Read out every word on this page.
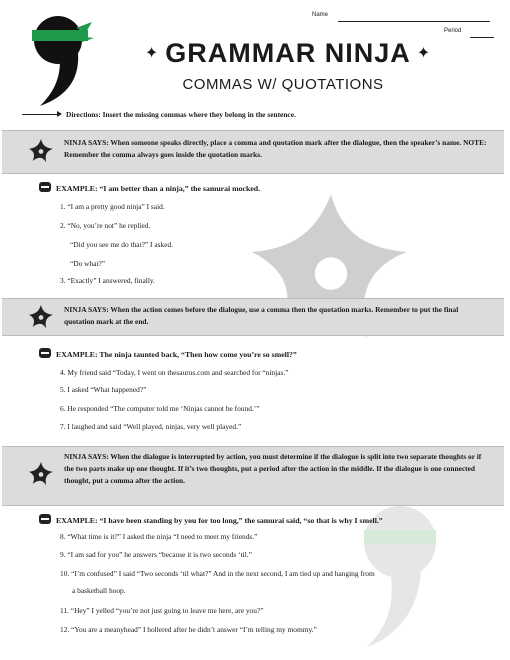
Name
Period
✦ GRAMMAR NINJA ✦
COMMAS W/ QUOTATIONS
Directions: Insert the missing commas where they belong in the sentence.
NINJA SAYS: When someone speaks directly, place a comma and quotation mark after the dialogue, then the speaker’s name. NOTE: Remember the comma always goes inside the quotation marks.
EXAMPLE: “I am better than a ninja,” the samurai mocked.
1. “I am a pretty good ninja” I said.
2. “No, you’re not” he replied.
“Did you see me do that?” I asked.
“Do what?”
3. “Exactly” I answered, finally.
NINJA SAYS: When the action comes before the dialogue, use a comma then the quotation marks. Remember to put the final quotation mark at the end.
EXAMPLE: The ninja taunted back, “Then how come you’re so smell?”
4. My friend said “Today, I went on thesaurus.com and searched for “ninjas.”
5. I asked “What happened?”
6. He responded “The computer told me ‘Ninjas cannot be found.’”
7. I laughed and said “Well played, ninjas, very well played.”
NINJA SAYS: When the dialogue is interrupted by action, you must determine if the dialogue is split into two separate thoughts or if the two parts make up one thought. If it’s two thoughts, put a period after the action in the middle. If the dialogue is one connected thought, put a comma after the action.
EXAMPLE: “I have been standing by you for too long,” the samurai said, “so that is why I smell.”
8. “What time is it?” I asked the ninja “I need to meet my friends.”
9. “I am sad for you” he answers “because it is two seconds ‘til.”
10. “I’m confused” I said “Two seconds ‘til what?” And in the next second, I am tied up and hanging from
a basketball hoop.
11. “Hey” I yelled “you’re not just going to leave me here, are you?”
12. “You are a meanyhead” I hollered after he didn’t answer “I’m telling my mommy.”
